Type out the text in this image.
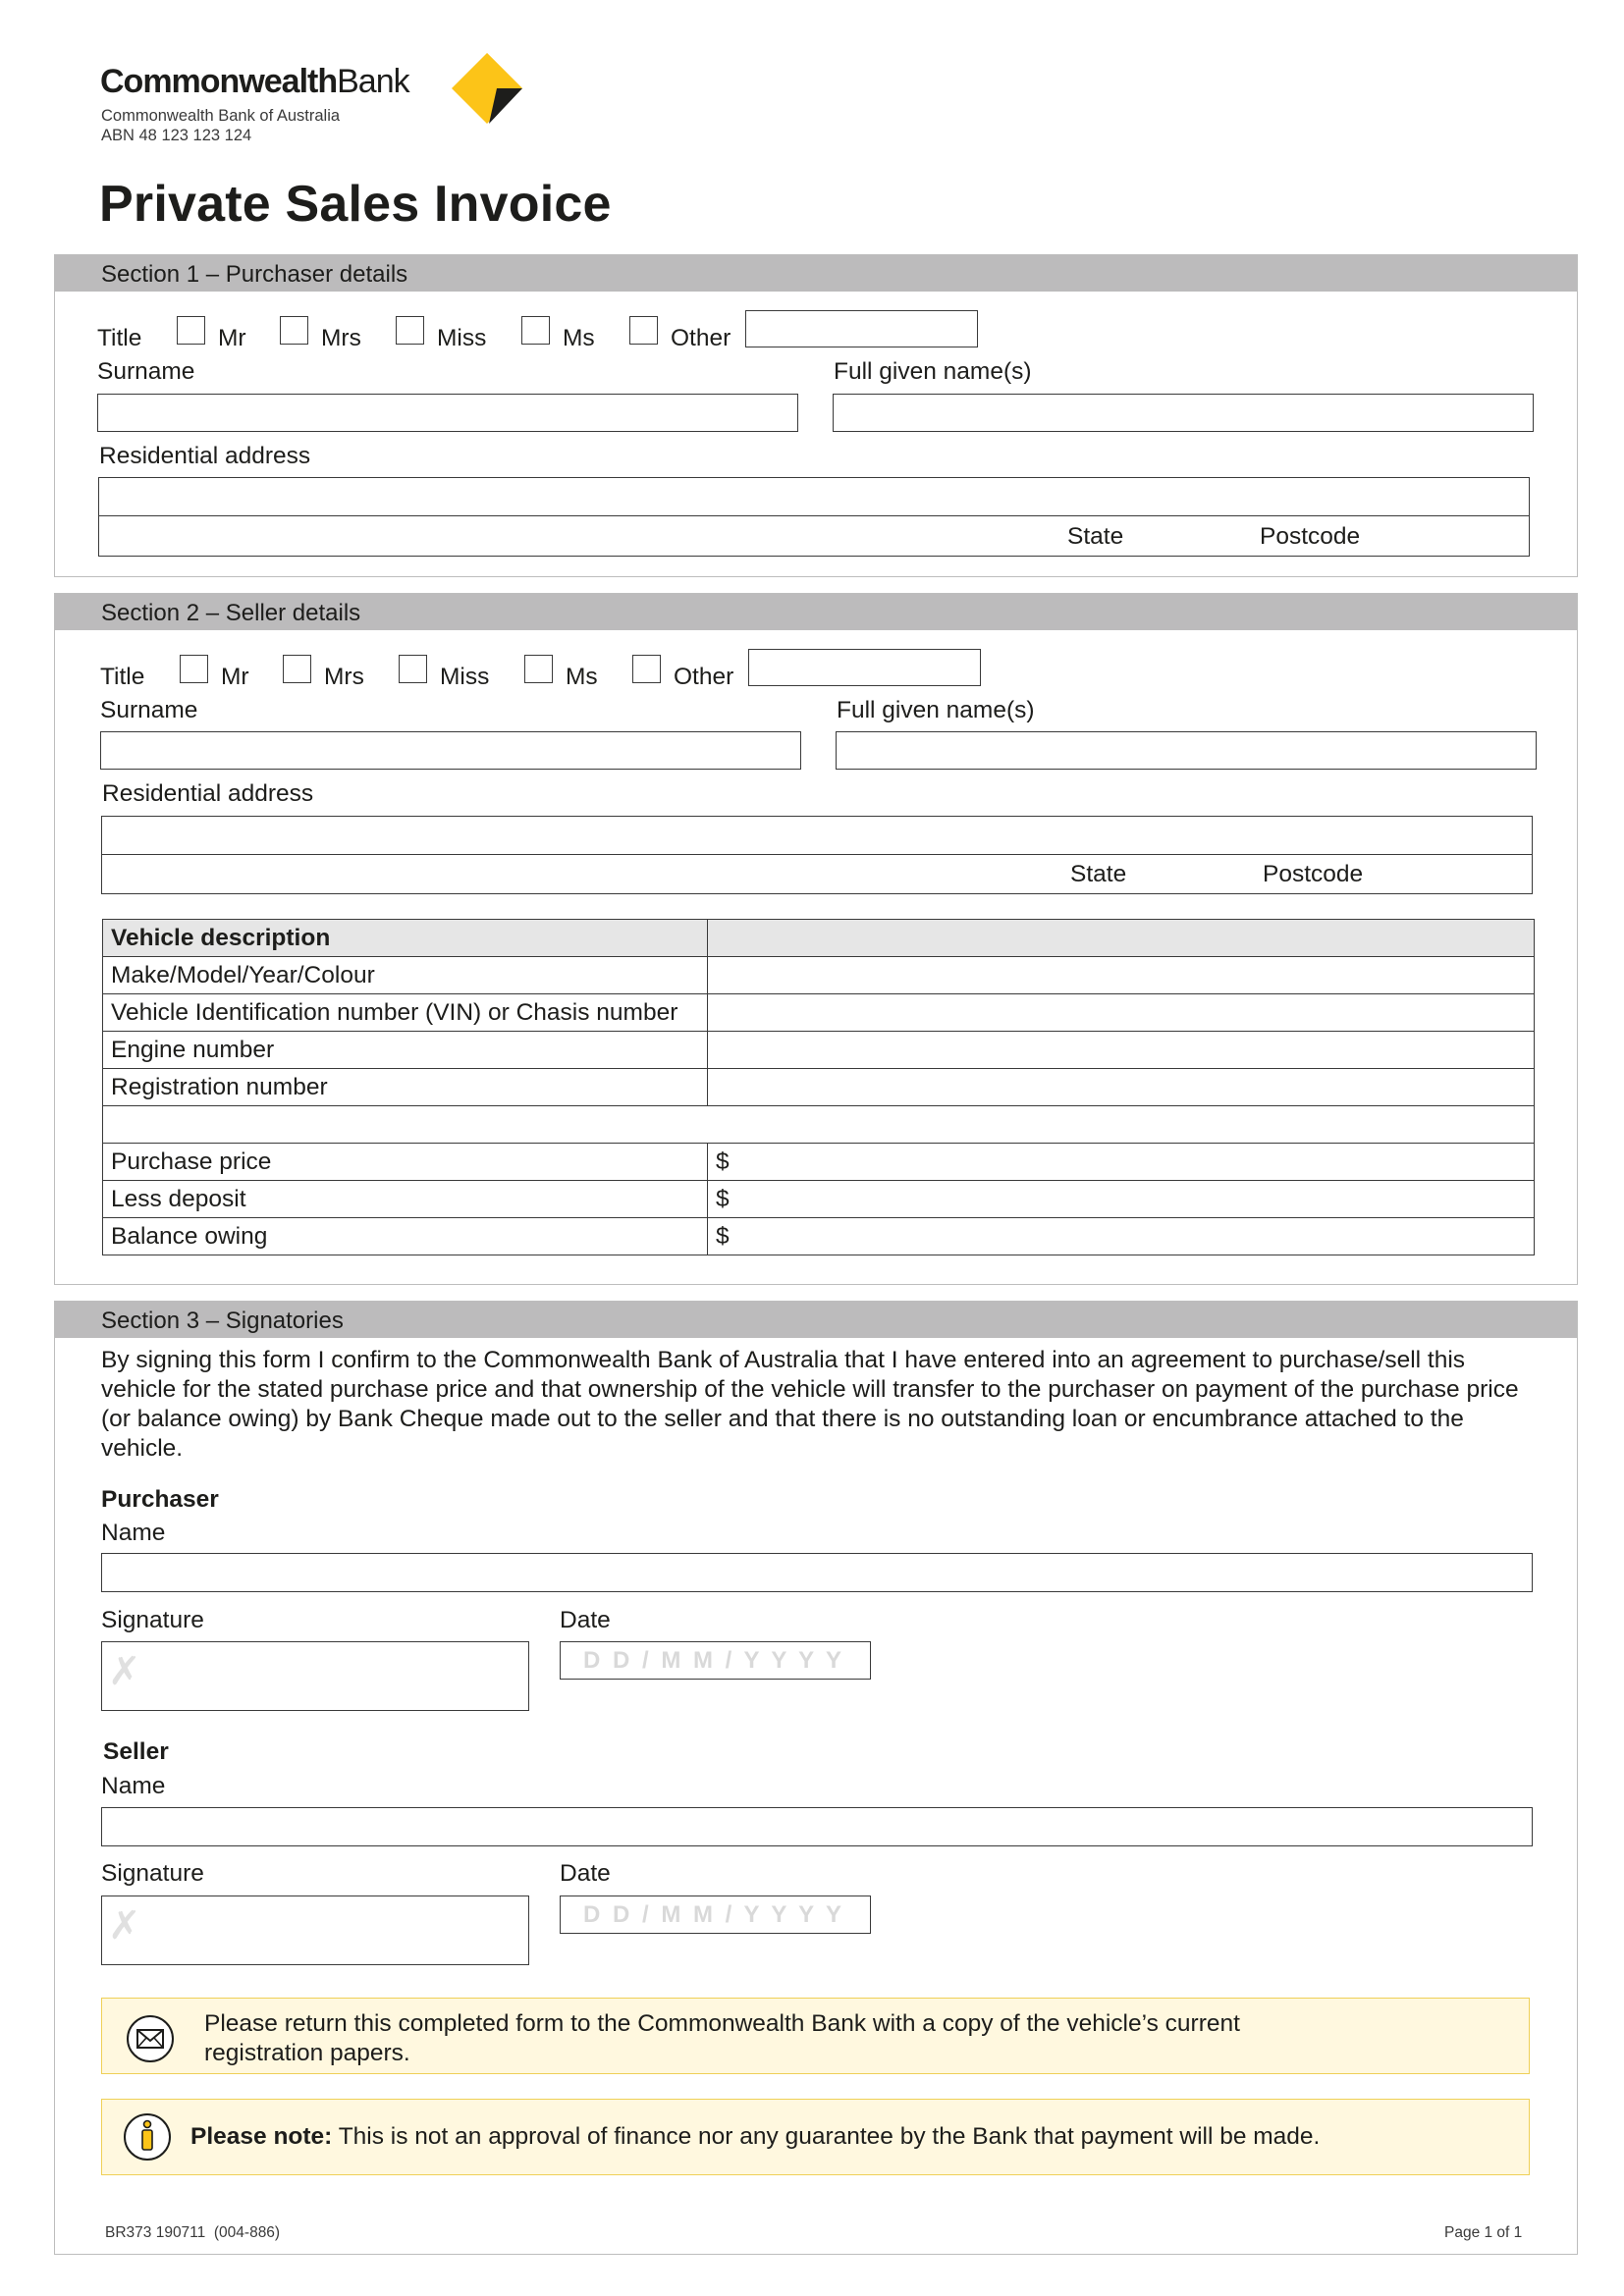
CommonwealthBank
Commonwealth Bank of Australia
ABN 48 123 123 124
Private Sales Invoice
Section 1 – Purchaser details
Title	Mr	Mrs	Miss	Ms	Other
Surname	Full given name(s)
Residential address
State	Postcode
Section 2 – Seller details
Title	Mr	Mrs	Miss	Ms	Other
Surname	Full given name(s)
Residential address
State	Postcode
Vehicle description	
Make/Model/Year/Colour	
Vehicle Identification number (VIN) or Chasis number	
Engine number	
Registration number	

Purchase price	$
Less deposit	$
Balance owing	$
Section 3 – Signatories
By signing this form I confirm to the Commonwealth Bank of Australia that I have entered into an agreement to purchase/sell this vehicle for the stated purchase price and that ownership of the vehicle will transfer to the purchaser on payment of the purchase price (or balance owing) by Bank Cheque made out to the seller and that there is no outstanding loan or encumbrance attached to the vehicle.
Purchaser
Name
Signature
✗
Date
D D / M M / Y Y Y Y
Seller
Name
Signature
✗
Date
D D / M M / Y Y Y Y
Please return this completed form to the Commonwealth Bank with a copy of the vehicle’s current registration papers.
Please note: This is not an approval of finance nor any guarantee by the Bank that payment will be made.
BR373 190711  (004-886)	Page 1 of 1
